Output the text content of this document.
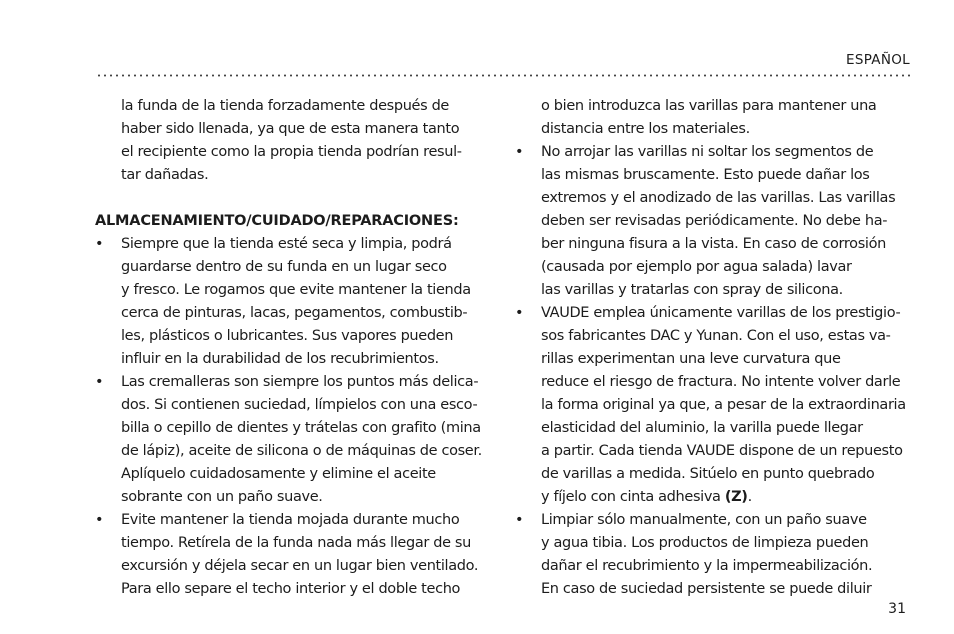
ESPAÑOL

la funda de la tienda forzadamente después de
haber sido llenada, ya que de esta manera tanto
el recipiente como la propia tienda podrían resul-
tar dañadas.

ALMACENAMIENTO/CUIDADO/REPARACIONES:

• Siempre que la tienda esté seca y limpia, podrá
guardarse dentro de su funda en un lugar seco
y fresco. Le rogamos que evite mantener la tienda
cerca de pinturas, lacas, pegamentos, combustib-
les, plásticos o lubricantes. Sus vapores pueden
influir en la durabilidad de los recubrimientos.
• Las cremalleras son siempre los puntos más delica-
dos. Si contienen suciedad, límpielos con una esco-
billa o cepillo de dientes y trátelas con grafito (mina
de lápiz), aceite de silicona o de máquinas de coser.
Aplíquelo cuidadosamente y elimine el aceite
sobrante con un paño suave.
• Evite mantener la tienda mojada durante mucho
tiempo. Retírela de la funda nada más llegar de su
excursión y déjela secar en un lugar bien ventilado.
Para ello separe el techo interior y el doble techo

o bien introduzca las varillas para mantener una
distancia entre los materiales.

• No arrojar las varillas ni soltar los segmentos de
las mismas bruscamente. Esto puede dañar los
extremos y el anodizado de las varillas. Las varillas
deben ser revisadas periódicamente. No debe ha-
ber ninguna fisura a la vista. En caso de corrosión
(causada por ejemplo por agua salada) lavar
las varillas y tratarlas con spray de silicona.
• VAUDE emplea únicamente varillas de los prestigio-
sos fabricantes DAC y Yunan. Con el uso, estas va-
rillas experimentan una leve curvatura que
reduce el riesgo de fractura. No intente volver darle
la forma original ya que, a pesar de la extraordinaria
elasticidad del aluminio, la varilla puede llegar
a partir. Cada tienda VAUDE dispone de un repuesto
de varillas a medida. Sitúelo en punto quebrado
y fíjelo con cinta adhesiva (Z).
• Limpiar sólo manualmente, con un paño suave
y agua tibia. Los productos de limpieza pueden
dañar el recubrimiento y la impermeabilización.
En caso de suciedad persistente se puede diluir
31
